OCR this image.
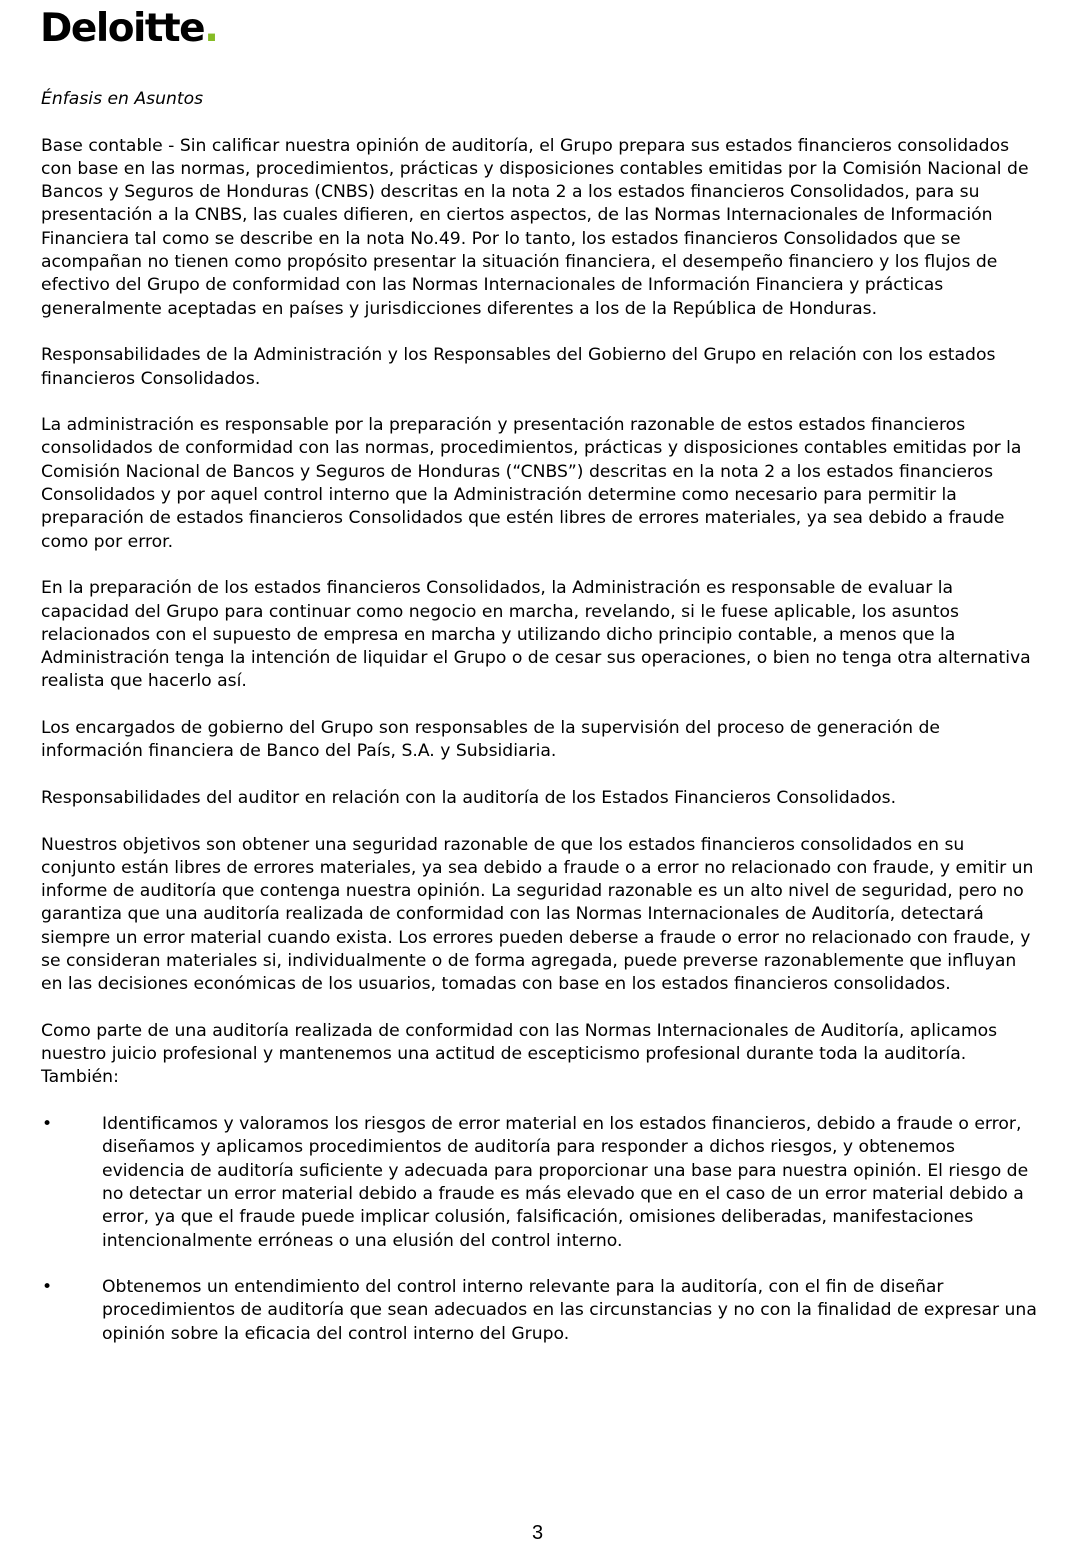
Deloitte.

Énfasis en Asuntos

Base contable - Sin calificar nuestra opinión de auditoría, el Grupo prepara sus estados financieros consolidados con base en las normas, procedimientos, prácticas y disposiciones contables emitidas por la Comisión Nacional de Bancos y Seguros de Honduras (CNBS) descritas en la nota 2 a los estados financieros Consolidados, para su presentación a la CNBS, las cuales difieren, en ciertos aspectos, de las Normas Internacionales de Información Financiera tal como se describe en la nota No.49. Por lo tanto, los estados financieros Consolidados que se acompañan no tienen como propósito presentar la situación financiera, el desempeño financiero y los flujos de efectivo del Grupo de conformidad con las Normas Internacionales de Información Financiera y prácticas generalmente aceptadas en países y jurisdicciones diferentes a los de la República de Honduras.

Responsabilidades de la Administración y los Responsables del Gobierno del Grupo en relación con los estados financieros Consolidados.

La administración es responsable por la preparación y presentación razonable de estos estados financieros consolidados de conformidad con las normas, procedimientos, prácticas y disposiciones contables emitidas por la Comisión Nacional de Bancos y Seguros de Honduras (“CNBS”) descritas en la nota 2 a los estados financieros Consolidados y por aquel control interno que la Administración determine como necesario para permitir la preparación de estados financieros Consolidados que estén libres de errores materiales, ya sea debido a fraude como por error.

En la preparación de los estados financieros Consolidados, la Administración es responsable de evaluar la capacidad del Grupo para continuar como negocio en marcha, revelando, si le fuese aplicable, los asuntos relacionados con el supuesto de empresa en marcha y utilizando dicho principio contable, a menos que la Administración tenga la intención de liquidar el Grupo o de cesar sus operaciones, o bien no tenga otra alternativa realista que hacerlo así.

Los encargados de gobierno del Grupo son responsables de la supervisión del proceso de generación de información financiera de Banco del País, S.A. y Subsidiaria.

Responsabilidades del auditor en relación con la auditoría de los Estados Financieros Consolidados.

Nuestros objetivos son obtener una seguridad razonable de que los estados financieros consolidados en su conjunto están libres de errores materiales, ya sea debido a fraude o a error no relacionado con fraude, y emitir un informe de auditoría que contenga nuestra opinión. La seguridad razonable es un alto nivel de seguridad, pero no garantiza que una auditoría realizada de conformidad con las Normas Internacionales de Auditoría, detectará siempre un error material cuando exista. Los errores pueden deberse a fraude o error no relacionado con fraude, y se consideran materiales si, individualmente o de forma agregada, puede preverse razonablemente que influyan en las decisiones económicas de los usuarios, tomadas con base en los estados financieros consolidados.

Como parte de una auditoría realizada de conformidad con las Normas Internacionales de Auditoría, aplicamos nuestro juicio profesional y mantenemos una actitud de escepticismo profesional durante toda la auditoría. También:

•	Identificamos y valoramos los riesgos de error material en los estados financieros, debido a fraude o error, diseñamos y aplicamos procedimientos de auditoría para responder a dichos riesgos, y obtenemos evidencia de auditoría suficiente y adecuada para proporcionar una base para nuestra opinión. El riesgo de no detectar un error material debido a fraude es más elevado que en el caso de un error material debido a error, ya que el fraude puede implicar colusión, falsificación, omisiones deliberadas, manifestaciones intencionalmente erróneas o una elusión del control interno.

•	Obtenemos un entendimiento del control interno relevante para la auditoría, con el fin de diseñar procedimientos de auditoría que sean adecuados en las circunstancias y no con la finalidad de expresar una opinión sobre la eficacia del control interno del Grupo.

3
